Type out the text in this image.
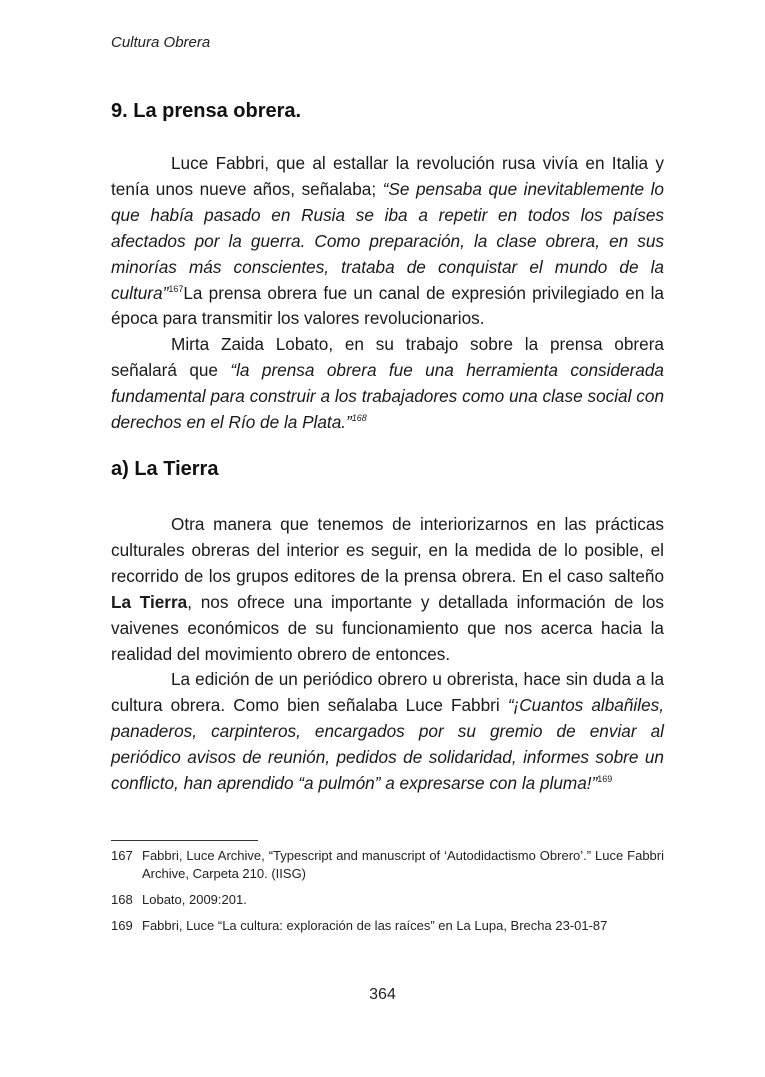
Cultura Obrera
9. La prensa obrera.

Luce Fabbri, que al estallar la revolución rusa vivía en Italia y tenía unos nueve años, señalaba; “Se pensaba que inevitablemente lo que había pasado en Rusia se iba a repetir en todos los países afectados por la guerra. Como preparación, la clase obrera, en sus minorías más conscientes, trataba de conquistar el mundo de la cultura”$^{167}$La prensa obrera fue un canal de expresión privilegiado en la época para transmitir los valores revolucionarios.

Mirta Zaida Lobato, en su trabajo sobre la prensa obrera señalará que “la prensa obrera fue una herramienta considerada fundamental para construir a los trabajadores como una clase social con derechos en el Río de la Plata.”$^{168}$

a) La Tierra

Otra manera que tenemos de interiorizarnos en las prácticas culturales obreras del interior es seguir, en la medida de lo posible, el recorrido de los grupos editores de la prensa obrera. En el caso salteño La Tierra, nos ofrece una importante y detallada información de los vaivenes económicos de su funcionamiento que nos acerca hacia la realidad del movimiento obrero de entonces.

La edición de un periódico obrero u obrerista, hace sin duda a la cultura obrera. Como bien señalaba Luce Fabbri “¡Cuantos albañiles, panaderos, carpinteros, encargados por su gremio de enviar al periódico avisos de reunión, pedidos de solidaridad, informes sobre un conflicto, han aprendido “a pulmón” a expresarse con la pluma!”$^{169}$

167 Fabbri, Luce Archive, “Typescript and manuscript of ‘Autodidactismo Obrero’.” Luce Fabbri Archive, Carpeta 210. (IISG)

168 Lobato, 2009:201.

169 Fabbri, Luce “La cultura: exploración de las raíces” en La Lupa, Brecha 23-01-87

364
